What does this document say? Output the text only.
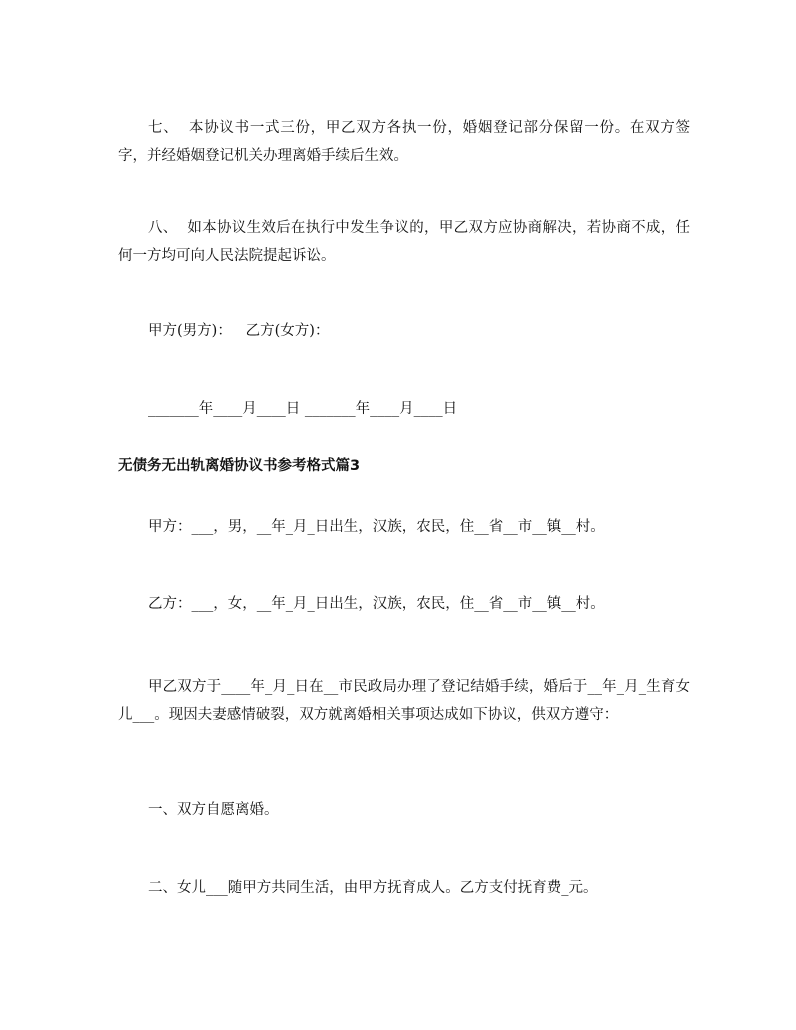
七、  本协议书一式三份，甲乙双方各执一份，婚姻登记部分保留一份。在双方签字，并经婚姻登记机关办理离婚手续后生效。

八、  如本协议生效后在执行中发生争议的，甲乙双方应协商解决，若协商不成，任何一方均可向人民法院提起诉讼。

甲方(男方)：   乙方(女方)：

_______年____月____日 _______年____月____日

无债务无出轨离婚协议书参考格式篇3

甲方：___，男，__年_月_日出生，汉族，农民，住__省__市__镇__村。

乙方：___，女，__年_月_日出生，汉族，农民，住__省__市__镇__村。

甲乙双方于____年_月_日在__市民政局办理了登记结婚手续，婚后于__年_月_生育女儿___。现因夫妻感情破裂，双方就离婚相关事项达成如下协议，供双方遵守：

一、双方自愿离婚。

二、女儿___随甲方共同生活，由甲方抚育成人。乙方支付抚育费_元。
